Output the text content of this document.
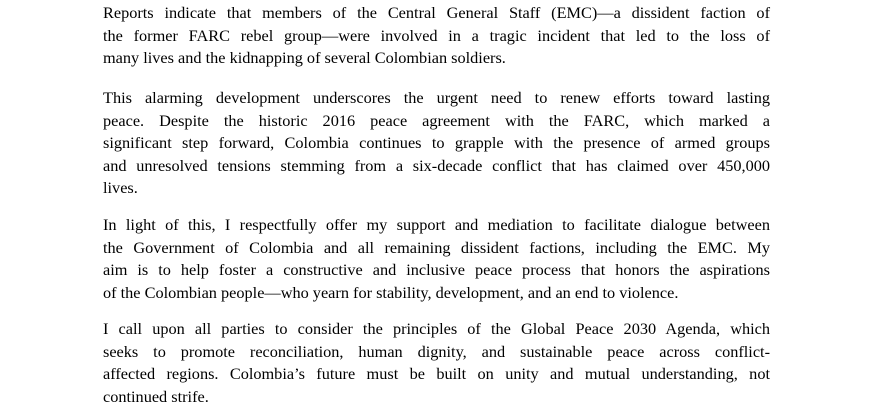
Reports indicate that members of the Central General Staff (EMC)—a dissident faction of
the former FARC rebel group—were involved in a tragic incident that led to the loss of
many lives and the kidnapping of several Colombian soldiers.
This alarming development underscores the urgent need to renew efforts toward lasting
peace. Despite the historic 2016 peace agreement with the FARC, which marked a
significant step forward, Colombia continues to grapple with the presence of armed groups
and unresolved tensions stemming from a six-decade conflict that has claimed over 450,000
lives.
In light of this, I respectfully offer my support and mediation to facilitate dialogue between
the Government of Colombia and all remaining dissident factions, including the EMC. My
aim is to help foster a constructive and inclusive peace process that honors the aspirations
of the Colombian people—who yearn for stability, development, and an end to violence.
I call upon all parties to consider the principles of the Global Peace 2030 Agenda, which
seeks to promote reconciliation, human dignity, and sustainable peace across conflict-
affected regions. Colombia’s future must be built on unity and mutual understanding, not
continued strife.
